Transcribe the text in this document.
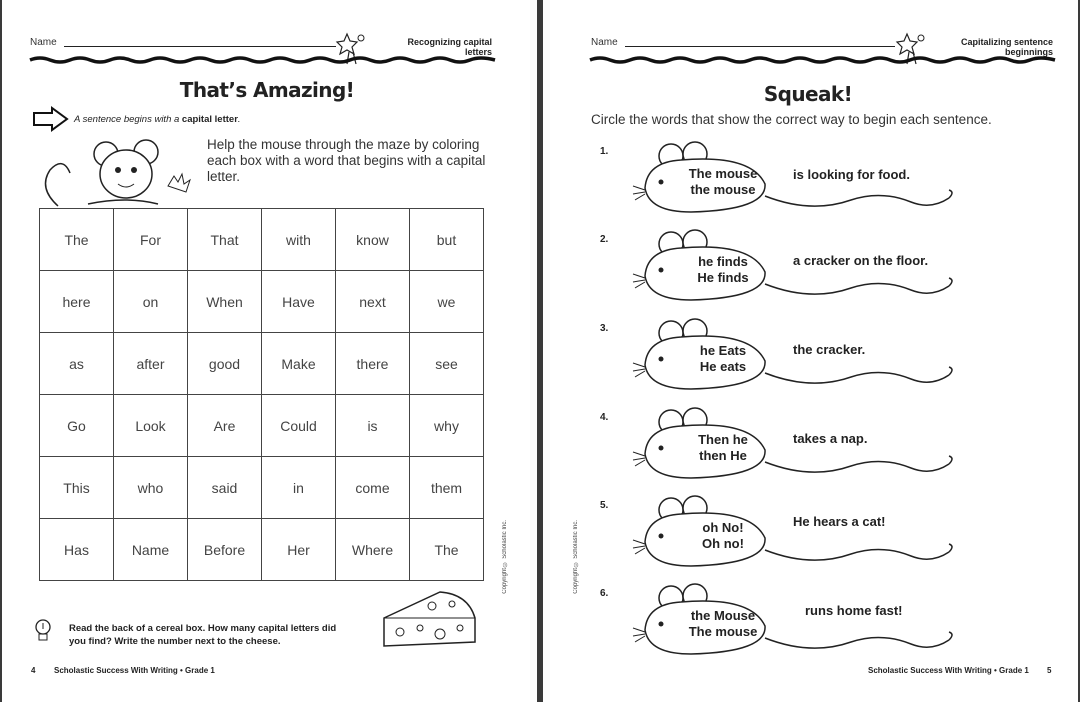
Name	Recognizing capital letters
That’s Amazing!
A sentence begins with a capital letter.
Help the mouse through the maze by coloring each box with a word that begins with a capital letter.
The	For	That	with	know	but
here	on	When	Have	next	we
as	after	good	Make	there	see
Go	Look	Are	Could	is	why
This	who	said	in	come	them
Has	Name	Before	Her	Where	The	Copyright © Scholastic Inc.
Read the back of a cereal box. How many capital letters did you find? Write the number next to the cheese.
4 Scholastic Success With Writing • Grade 1
Name	Capitalizing sentence beginnings
Squeak!
Circle the words that show the correct way to begin each sentence.
Copyright © Scholastic Inc.
1.
The mouse
the mouse
is looking for food.
2.
he finds
He finds
a cracker on the floor.
3.
he Eats
He eats
the cracker.
4.
Then he
then He
takes a nap.
5.
oh No!
Oh no!
He hears a cat!
6.
the Mouse
The mouse
runs home fast!
Scholastic Success With Writing • Grade 1 5
